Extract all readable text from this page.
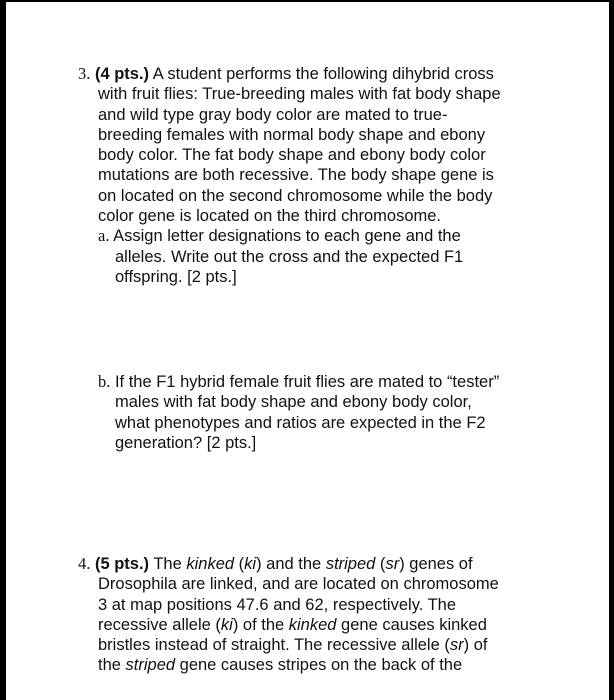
3. (4 pts.) A student performs the following dihybrid cross
with fruit flies: True-breeding males with fat body shape
and wild type gray body color are mated to true-
breeding females with normal body shape and ebony
body color. The fat body shape and ebony body color
mutations are both recessive. The body shape gene is
on located on the second chromosome while the body
color gene is located on the third chromosome.
a. Assign letter designations to each gene and the
alleles. Write out the cross and the expected F1
offspring. [2 pts.]
b. If the F1 hybrid female fruit flies are mated to “tester”
males with fat body shape and ebony body color,
what phenotypes and ratios are expected in the F2
generation? [2 pts.]
4. (5 pts.) The kinked (ki) and the striped (sr) genes of
Drosophila are linked, and are located on chromosome
3 at map positions 47.6 and 62, respectively. The
recessive allele (ki) of the kinked gene causes kinked
bristles instead of straight. The recessive allele (sr) of
the striped gene causes stripes on the back of the
